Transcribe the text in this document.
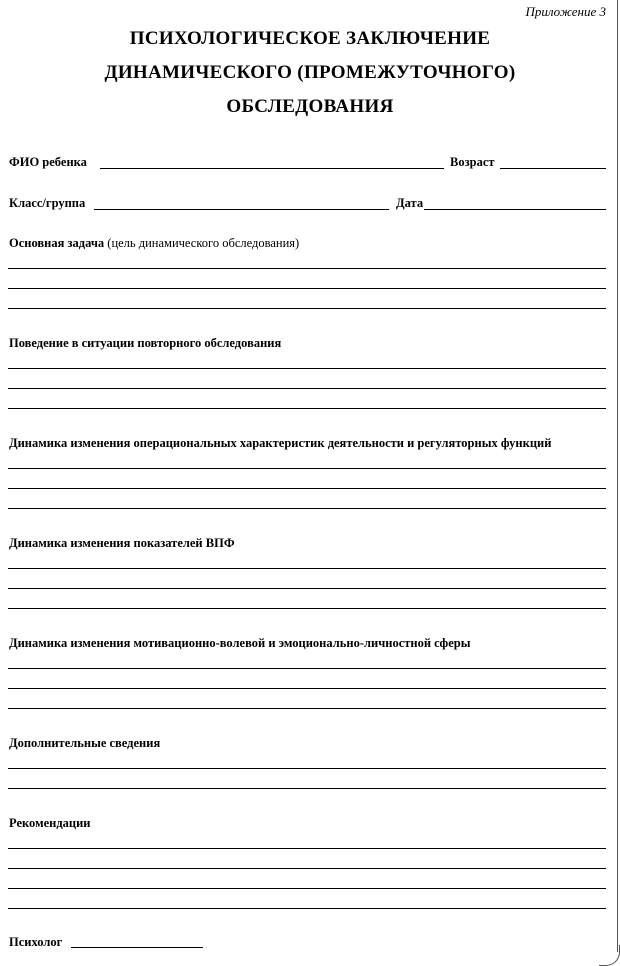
Приложение 3
ПСИХОЛОГИЧЕСКОЕ ЗАКЛЮЧЕНИЕ
ДИНАМИЧЕСКОГО (ПРОМЕЖУТОЧНОГО)
ОБСЛЕДОВАНИЯ
ФИО ребенка	Возраст
Класс/группа	Дата
Основная задача (цель динамического обследования)
Поведение в ситуации повторного обследования
Динамика изменения операциональных характеристик деятельности и регуляторных функций
Динамика изменения показателей ВПФ
Динамика изменения мотивационно-волевой и эмоционально-личностной сферы
Дополнительные сведения
Рекомендации
Психолог
